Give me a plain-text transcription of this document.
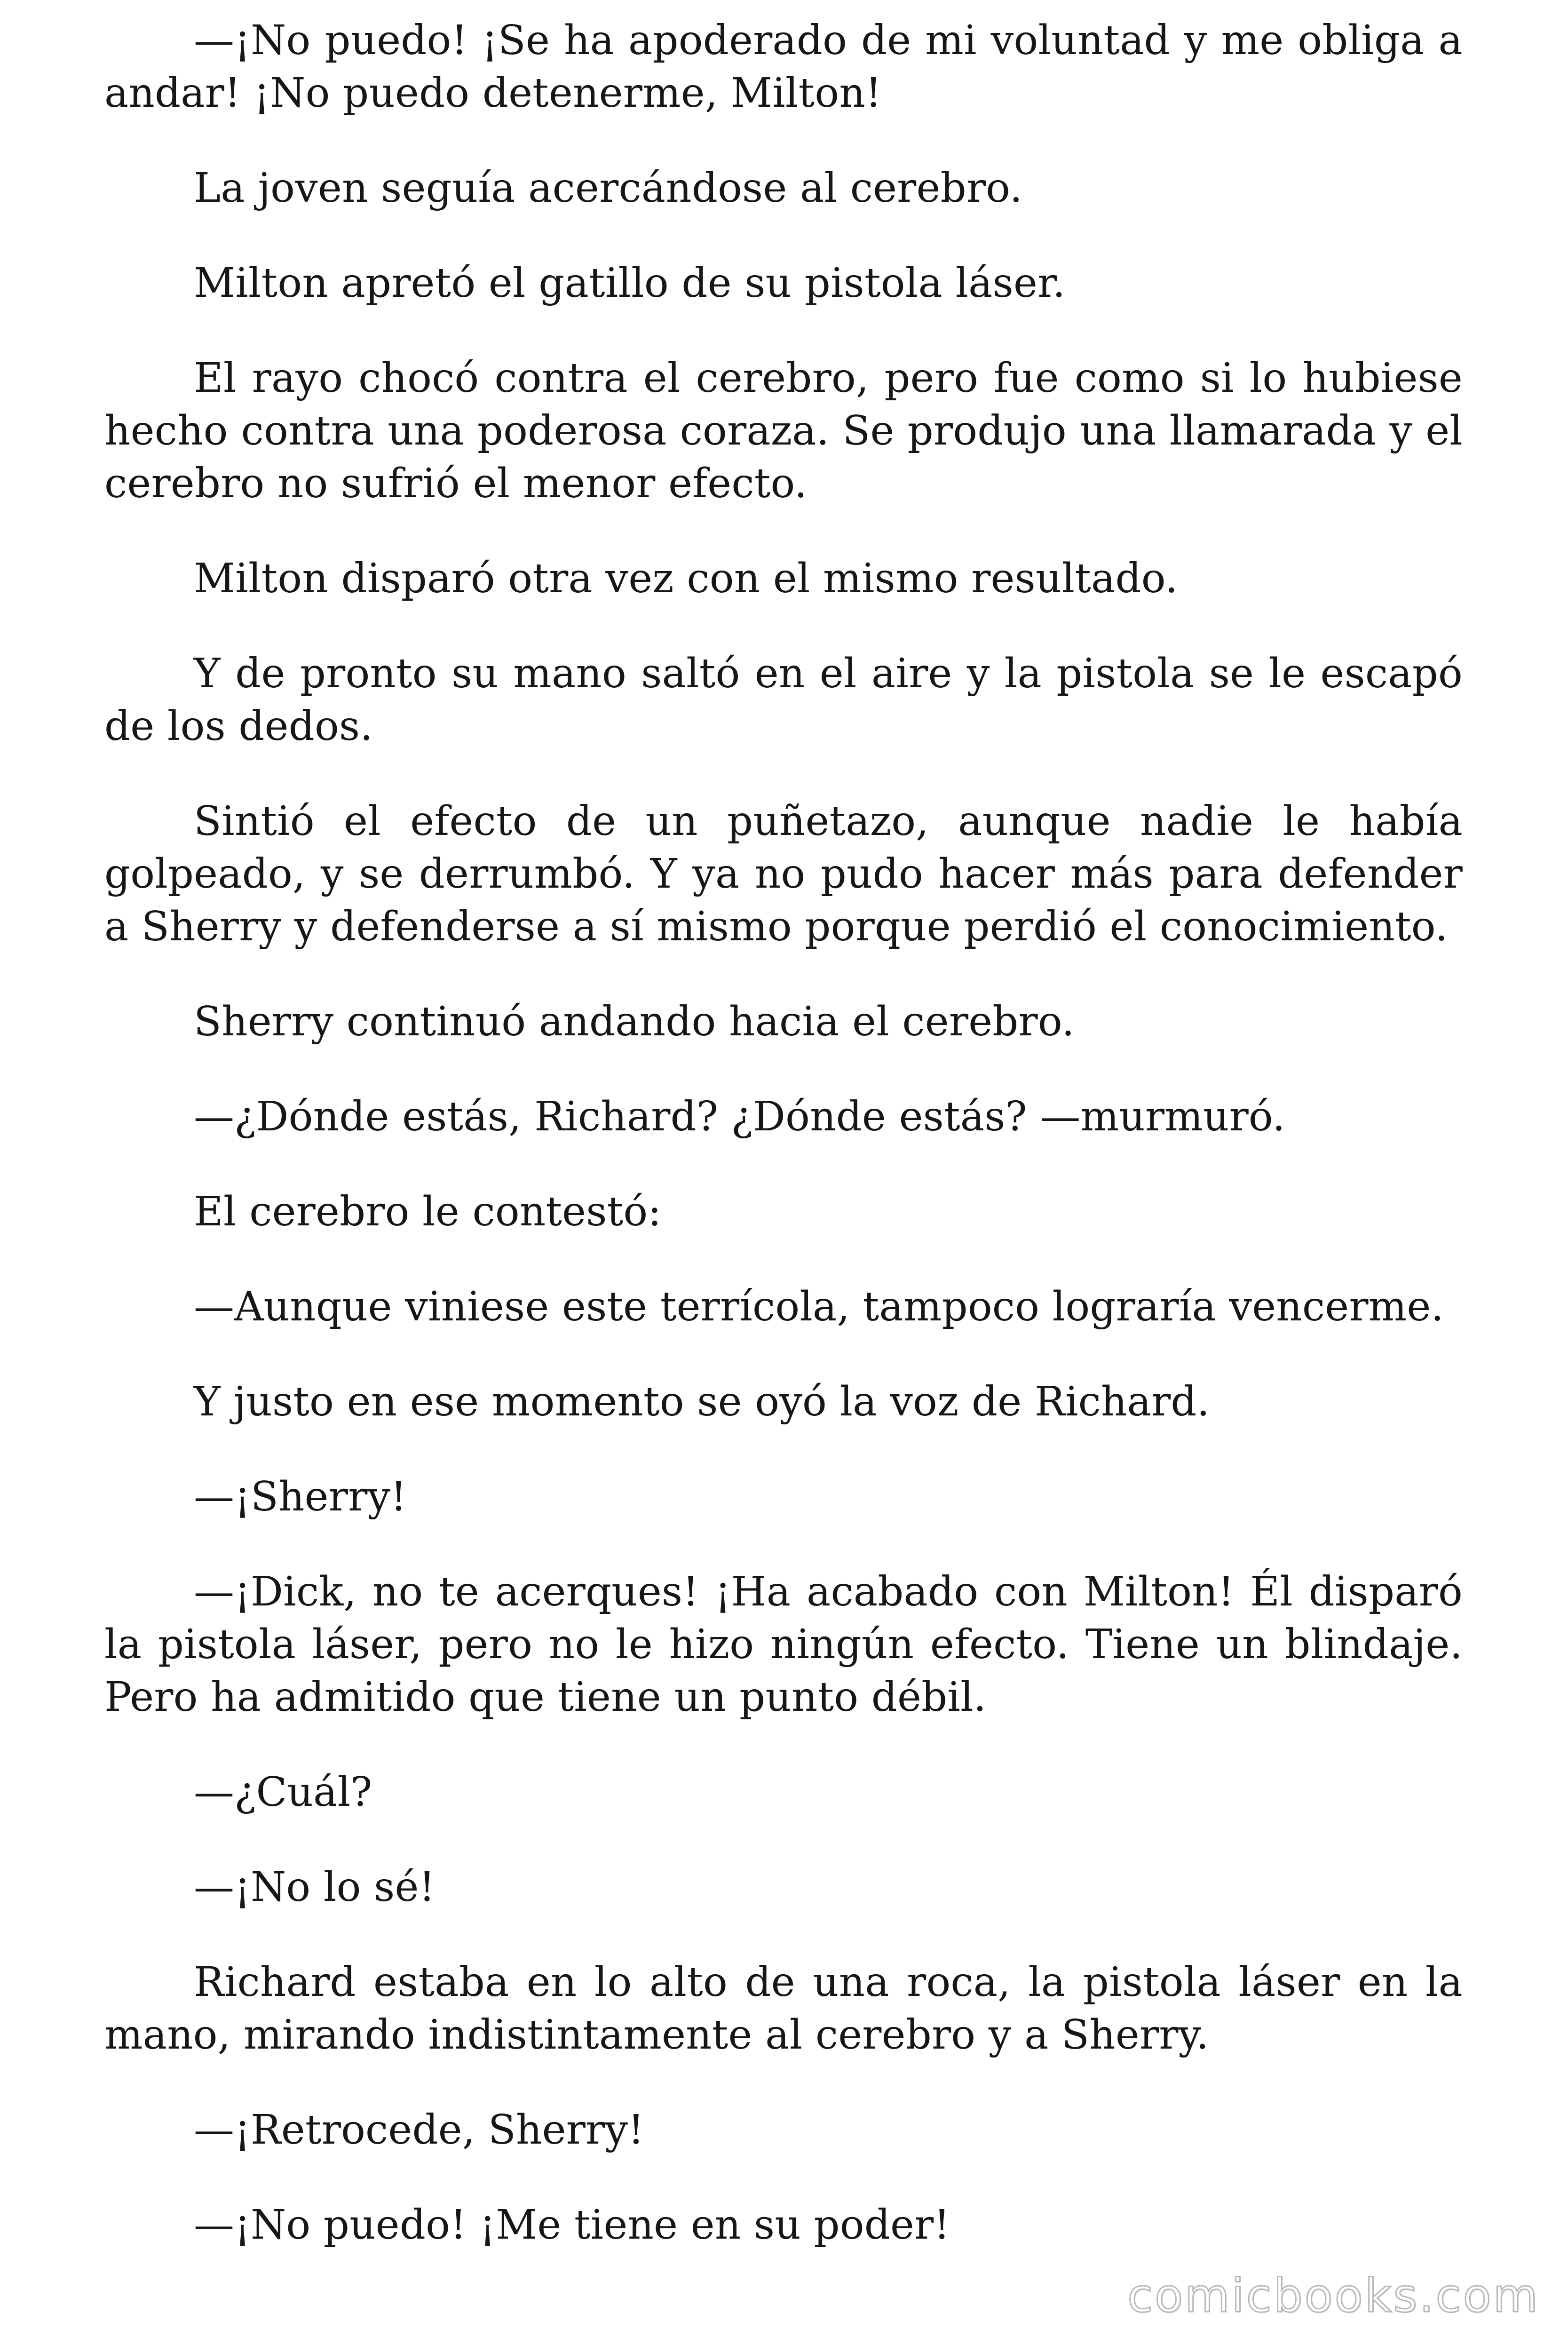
—¡No puedo! ¡Se ha apoderado de mi voluntad y me obliga a andar! ¡No puedo detenerme, Milton!

La joven seguía acercándose al cerebro.

Milton apretó el gatillo de su pistola láser.

El rayo chocó contra el cerebro, pero fue como si lo hubiese hecho contra una poderosa coraza. Se produjo una llamarada y el cerebro no sufrió el menor efecto.

Milton disparó otra vez con el mismo resultado.

Y de pronto su mano saltó en el aire y la pistola se le escapó de los dedos.

Sintió el efecto de un puñetazo, aunque nadie le había golpeado, y se derrumbó. Y ya no pudo hacer más para defender a Sherry y defenderse a sí mismo porque perdió el conocimiento.

Sherry continuó andando hacia el cerebro.

—¿Dónde estás, Richard? ¿Dónde estás? —murmuró.

El cerebro le contestó:

—Aunque viniese este terrícola, tampoco lograría vencerme.

Y justo en ese momento se oyó la voz de Richard.

—¡Sherry!

—¡Dick, no te acerques! ¡Ha acabado con Milton! Él disparó la pistola láser, pero no le hizo ningún efecto. Tiene un blindaje. Pero ha admitido que tiene un punto débil.

—¿Cuál?

—¡No lo sé!

Richard estaba en lo alto de una roca, la pistola láser en la mano, mirando indistintamente al cerebro y a Sherry.

—¡Retrocede, Sherry!

—¡No puedo! ¡Me tiene en su poder!

comicbooks.com
